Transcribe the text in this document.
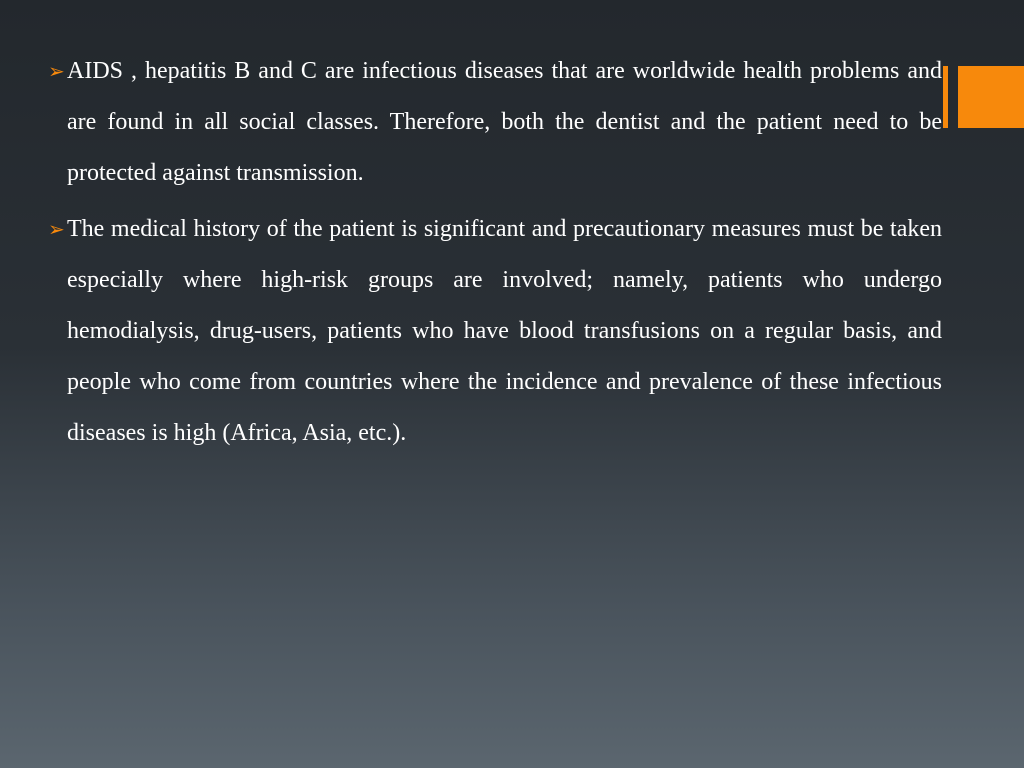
➢ AIDS , hepatitis B and C are infectious diseases that are worldwide health problems and are found in all social classes. Therefore, both the dentist and the patient need to be protected against transmission.
➢ The medical history of the patient is significant and precautionary measures must be taken especially where high-risk groups are involved; namely, patients who undergo hemodialysis, drug-users, patients who have blood transfusions on a regular basis, and people who come from countries where the incidence and prevalence of these infectious diseases is high (Africa, Asia, etc.).
